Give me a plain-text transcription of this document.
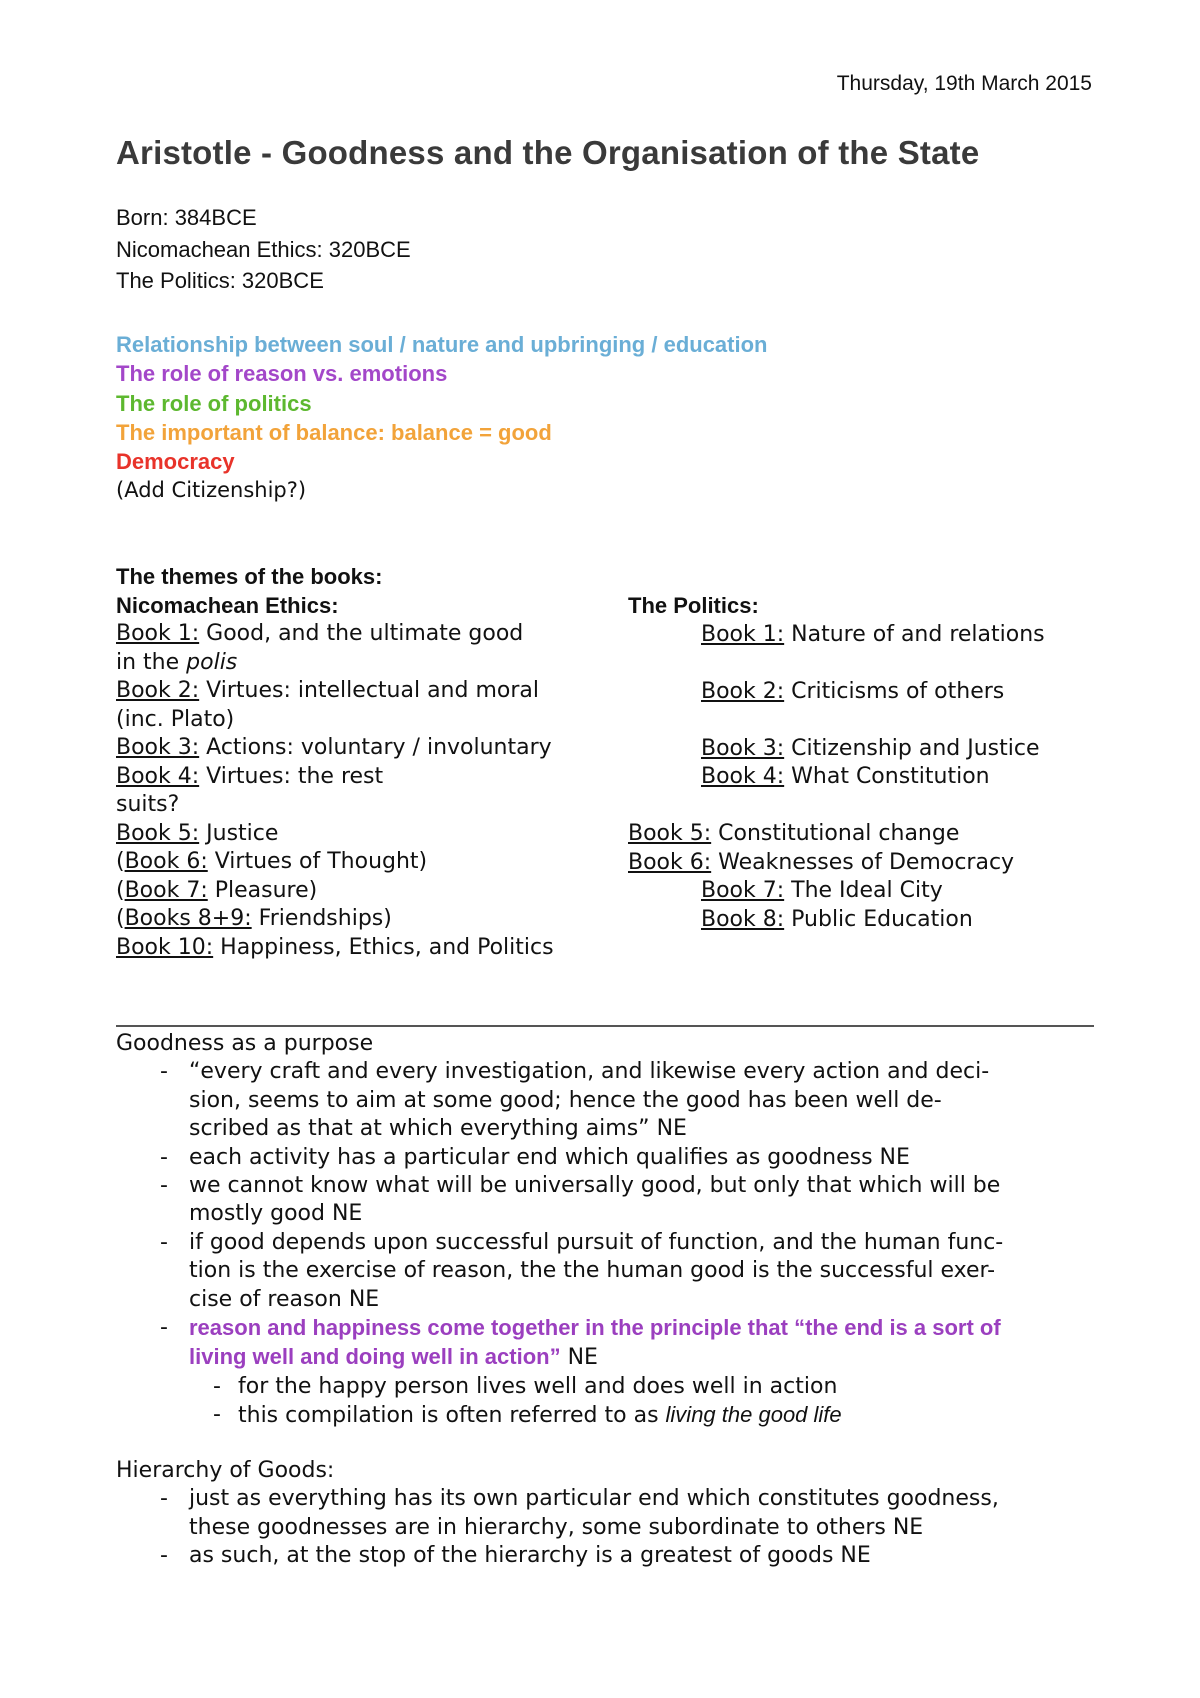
Thursday, 19th March 2015
Aristotle - Goodness and the Organisation of the State
Born: 384BCE
Nicomachean Ethics: 320BCE
The Politics: 320BCE
Relationship between soul / nature and upbringing / education
The role of reason vs. emotions
The role of politics
The important of balance: balance = good
Democracy
(Add Citizenship?)
The themes of the books:
Nicomachean Ethics:
Book 1: Good, and the ultimate good
in the polis
Book 2: Virtues: intellectual and moral
(inc. Plato)
Book 3: Actions: voluntary / involuntary
Book 4: Virtues: the rest
suits?
Book 5: Justice
(Book 6: Virtues of Thought)
(Book 7: Pleasure)
(Books 8+9: Friendships)
Book 10: Happiness, Ethics, and Politics
The Politics:
Book 1: Nature of and relations

Book 2: Criticisms of others

Book 3: Citizenship and Justice
Book 4: What Constitution

Book 5: Constitutional change
Book 6: Weaknesses of Democracy
Book 7: The Ideal City
Book 8: Public Education
Goodness as a purpose
- “every craft and every investigation, and likewise every action and deci-
sion, seems to aim at some good; hence the good has been well de-
scribed as that at which everything aims” NE
- each activity has a particular end which qualifies as goodness NE
- we cannot know what will be universally good, but only that which will be
mostly good NE
- if good depends upon successful pursuit of function, and the human func-
tion is the exercise of reason, the the human good is the successful exer-
cise of reason NE
- reason and happiness come together in the principle that “the end is a sort of
living well and doing well in action” NE
- for the happy person lives well and does well in action
- this compilation is often referred to as living the good life
Hierarchy of Goods:
- just as everything has its own particular end which constitutes goodness,
these goodnesses are in hierarchy, some subordinate to others NE
- as such, at the stop of the hierarchy is a greatest of goods NE
